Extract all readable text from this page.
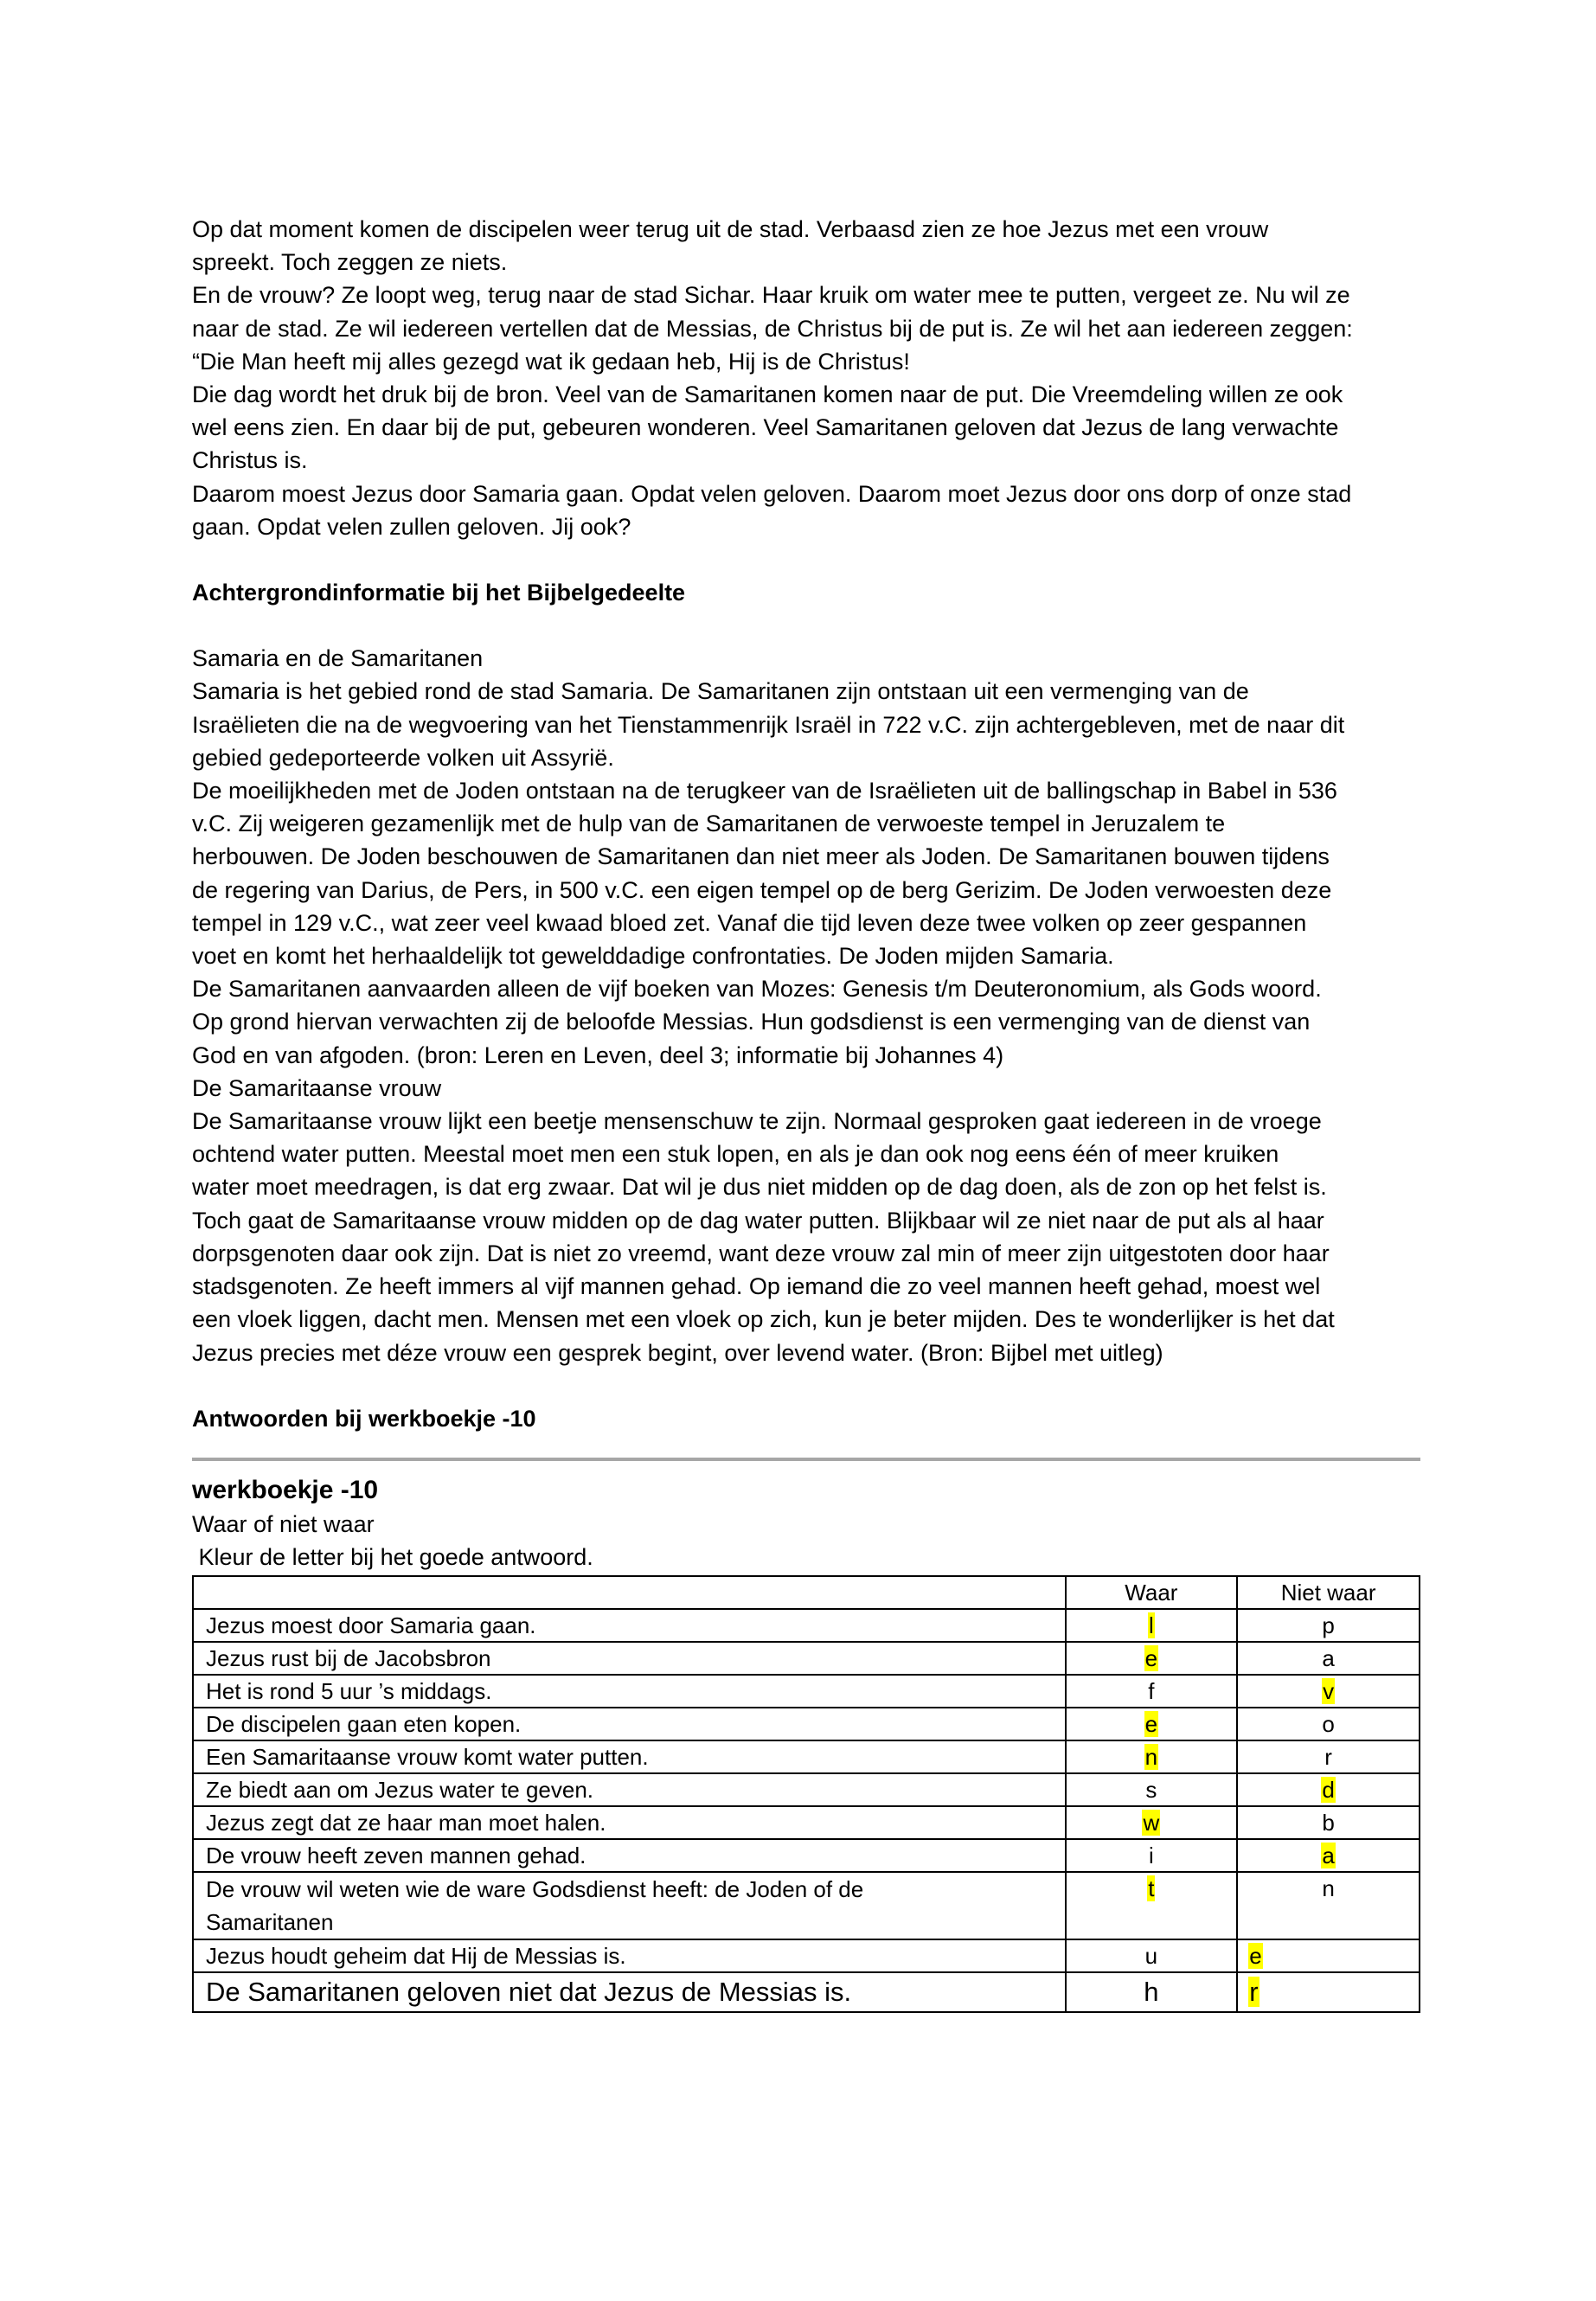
Op dat moment komen de discipelen weer terug uit de stad. Verbaasd zien ze hoe Jezus met een vrouw

spreekt. Toch zeggen ze niets.

En de vrouw? Ze loopt weg, terug naar de stad Sichar. Haar kruik om water mee te putten, vergeet ze. Nu wil ze

naar de stad. Ze wil iedereen vertellen dat de Messias, de Christus bij de put is. Ze wil het aan iedereen zeggen:

“Die Man heeft mij alles gezegd wat ik gedaan heb, Hij is de Christus!

Die dag wordt het druk bij de bron. Veel van de Samaritanen komen naar de put. Die Vreemdeling willen ze ook

wel eens zien. En daar bij de put, gebeuren wonderen. Veel Samaritanen geloven dat Jezus de lang verwachte

Christus is.

Daarom moest Jezus door Samaria gaan. Opdat velen geloven. Daarom moet Jezus door ons dorp of onze stad

gaan. Opdat velen zullen geloven. Jij ook?

Achtergrondinformatie bij het Bijbelgedeelte

Samaria en de Samaritanen

Samaria is het gebied rond de stad Samaria. De Samaritanen zijn ontstaan uit een vermenging van de

Israëlieten die na de wegvoering van het Tienstammenrijk Israël in 722 v.C. zijn achtergebleven, met de naar dit

gebied gedeporteerde volken uit Assyrië.

De moeilijkheden met de Joden ontstaan na de terugkeer van de Israëlieten uit de ballingschap in Babel in 536

v.C. Zij weigeren gezamenlijk met de hulp van de Samaritanen de verwoeste tempel in Jeruzalem te

herbouwen. De Joden beschouwen de Samaritanen dan niet meer als Joden. De Samaritanen bouwen tijdens

de regering van Darius, de Pers, in 500 v.C. een eigen tempel op de berg Gerizim. De Joden verwoesten deze

tempel in 129 v.C., wat zeer veel kwaad bloed zet. Vanaf die tijd leven deze twee volken op zeer gespannen

voet en komt het herhaaldelijk tot gewelddadige confrontaties. De Joden mijden Samaria.

De Samaritanen aanvaarden alleen de vijf boeken van Mozes: Genesis t/m Deuteronomium, als Gods woord.

Op grond hiervan verwachten zij de beloofde Messias. Hun godsdienst is een vermenging van de dienst van

God en van afgoden. (bron: Leren en Leven, deel 3; informatie bij Johannes 4)

De Samaritaanse vrouw

De Samaritaanse vrouw lijkt een beetje mensenschuw te zijn. Normaal gesproken gaat iedereen in de vroege

ochtend water putten. Meestal moet men een stuk lopen, en als je dan ook nog eens één of meer kruiken

water moet meedragen, is dat erg zwaar. Dat wil je dus niet midden op de dag doen, als de zon op het felst is.

Toch gaat de Samaritaanse vrouw midden op de dag water putten. Blijkbaar wil ze niet naar de put als al haar

dorpsgenoten daar ook zijn. Dat is niet zo vreemd, want deze vrouw zal min of meer zijn uitgestoten door haar

stadsgenoten. Ze heeft immers al vijf mannen gehad. Op iemand die zo veel mannen heeft gehad, moest wel

een vloek liggen, dacht men. Mensen met een vloek op zich, kun je beter mijden. Des te wonderlijker is het dat

Jezus precies met déze vrouw een gesprek begint, over levend water. (Bron: Bijbel met uitleg)

Antwoorden bij werkboekje -10

werkboekje -10

Waar of niet waar

Kleur de letter bij het goede antwoord.

	Waar	Niet waar
Jezus moest door Samaria gaan.	l	p
Jezus rust bij de Jacobsbron	e	a
Het is rond 5 uur ’s middags.	f	v
De discipelen gaan eten kopen.	e	o
Een Samaritaanse vrouw komt water putten.	n	r
Ze biedt aan om Jezus water te geven.	s	d
Jezus zegt dat ze haar man moet halen.	w	b
De vrouw heeft zeven mannen gehad.	i	a

De vrouw wil weten wie de ware Godsdienst heeft: de Joden of de
Samaritanen	t	n
Jezus houdt geheim dat Hij de Messias is.	u	e
De Samaritanen geloven niet dat Jezus de Messias is.	h	r
